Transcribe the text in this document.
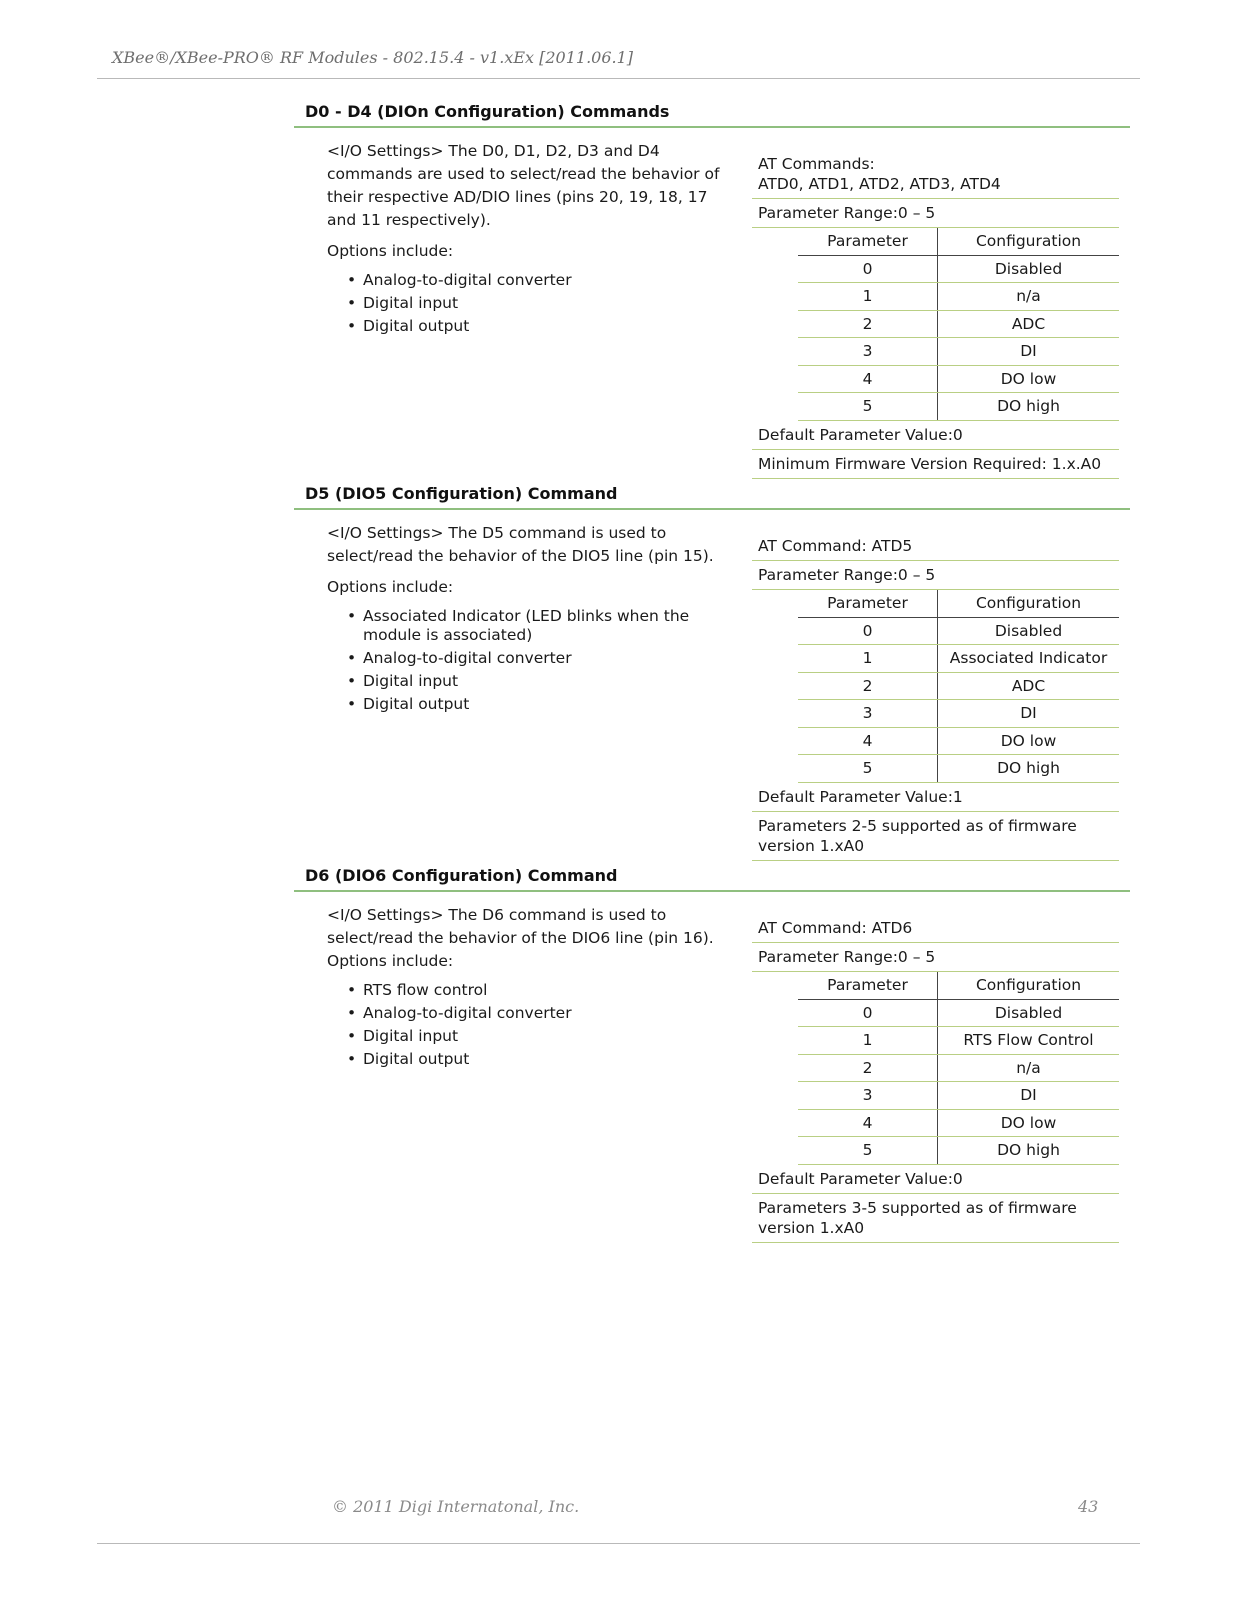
XBee®/XBee‑PRO® RF Modules ‑ 802.15.4 ‑ v1.xEx [2011.06.1]
D0 - D4 (DIOn Configuration) Commands

<I/O Settings> The D0, D1, D2, D3 and D4 commands are used to select/read the behavior of their respective AD/DIO lines (pins 20, 19, 18, 17 and 11 respectively).

Options include:

• Analog-to-digital converter
• Digital input
• Digital output
AT Commands:
ATD0, ATD1, ATD2, ATD3, ATD4
Parameter Range:0 – 5
Parameter	Configuration
0	Disabled
1	n/a
2	ADC
3	DI
4	DO low
5	DO high
Default Parameter Value:0
Minimum Firmware Version Required: 1.x.A0
D5 (DIO5 Configuration) Command

<I/O Settings> The D5 command is used to select/read the behavior of the DIO5 line (pin 15).

Options include:

• Associated Indicator (LED blinks when the module is associated)
• Analog-to-digital converter
• Digital input
• Digital output
AT Command: ATD5
Parameter Range:0 – 5
Parameter	Configuration
0	Disabled
1	Associated Indicator
2	ADC
3	DI
4	DO low
5	DO high
Default Parameter Value:1
Parameters 2-5 supported as of firmware version 1.xA0
D6 (DIO6 Configuration) Command

<I/O Settings> The D6 command is used to select/read the behavior of the DIO6 line (pin 16).

Options include:

• RTS flow control
• Analog-to-digital converter
• Digital input
• Digital output
AT Command: ATD6
Parameter Range:0 – 5
Parameter	Configuration
0	Disabled
1	RTS Flow Control
2	n/a
3	DI
4	DO low
5	DO high
Default Parameter Value:0
Parameters 3-5 supported as of firmware version 1.xA0
© 2011 Digi Internatonal, Inc.	43
